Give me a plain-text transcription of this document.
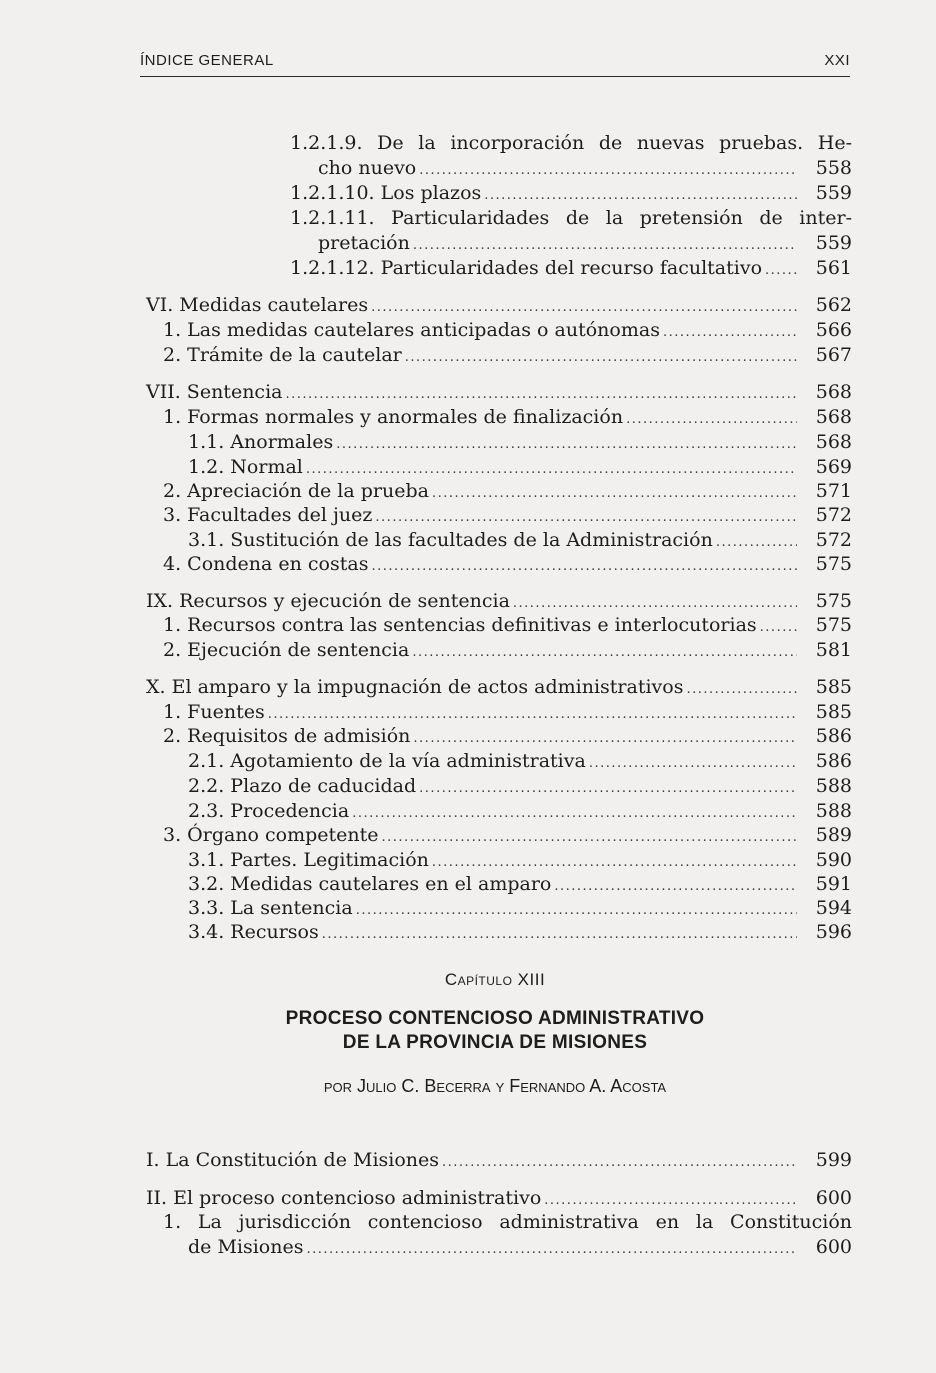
ÍNDICE GENERAL	XXI
1.2.1.9. De la incorporación de nuevas pruebas. He-
cho nuevo .....	558
1.2.1.10. Los plazos .....	559
1.2.1.11. Particularidades de la pretensión de inter-
pretación .....	559
1.2.1.12. Particularidades del recurso facultativo .....	561
VI. Medidas cautelares .....	562
1. Las medidas cautelares anticipadas o autónomas .....	566
2. Trámite de la cautelar .....	567
VII. Sentencia .....	568
1. Formas normales y anormales de finalización .....	568
1.1. Anormales .....	568
1.2. Normal .....	569
2. Apreciación de la prueba .....	571
3. Facultades del juez .....	572
3.1. Sustitución de las facultades de la Administración .....	572
4. Condena en costas .....	575
IX. Recursos y ejecución de sentencia .....	575
1. Recursos contra las sentencias definitivas e interlocutorias .....	575
2. Ejecución de sentencia .....	581
X. El amparo y la impugnación de actos administrativos .....	585
1. Fuentes .....	585
2. Requisitos de admisión .....	586
2.1. Agotamiento de la vía administrativa .....	586
2.2. Plazo de caducidad .....	588
2.3. Procedencia .....	588
3. Órgano competente .....	589
3.1. Partes. Legitimación .....	590
3.2. Medidas cautelares en el amparo .....	591
3.3. La sentencia .....	594
3.4. Recursos .....	596
I. La Constitución de Misiones .....	599
II. El proceso contencioso administrativo .....	600
1. La jurisdicción contencioso administrativa en la Constitución
de Misiones .....	600
Capítulo XIII
PROCESO CONTENCIOSO ADMINISTRATIVO
DE LA PROVINCIA DE MISIONES
por Julio C. Becerra y Fernando A. Acosta
